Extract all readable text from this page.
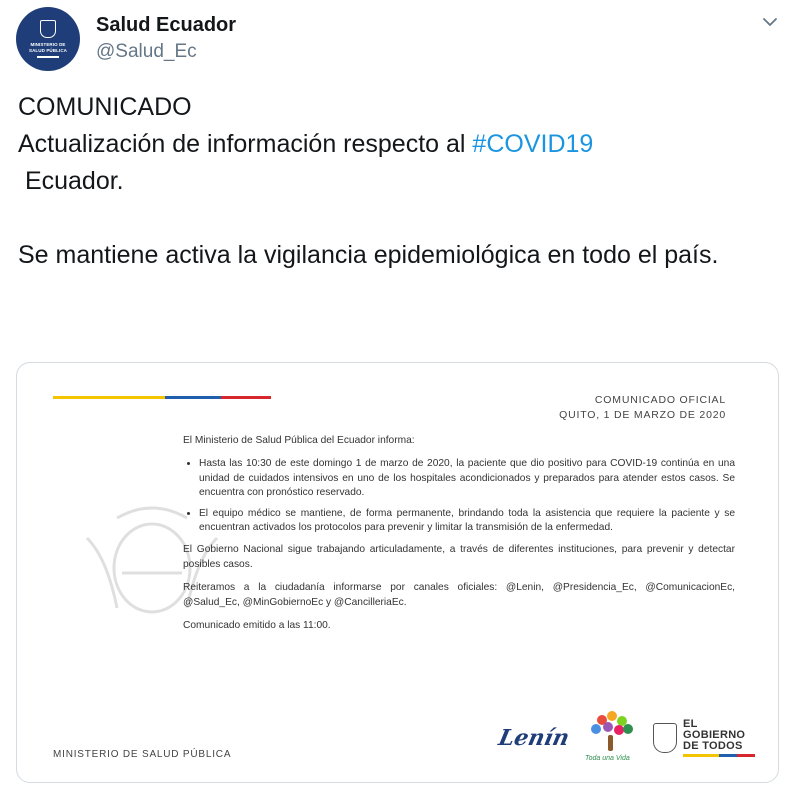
MINISTERIO DE
SALUD PÚBLICA
Salud Ecuador
@Salud_Ec

COMUNICADO

Actualización de información respecto al #COVID19

Ecuador.

Se mantiene activa la vigilancia epidemiológica en todo el país.

COMUNICADO OFICIAL
QUITO, 1 DE MARZO DE 2020

El Ministerio de Salud Pública del Ecuador informa:

• Hasta las 10:30 de este domingo 1 de marzo de 2020, la paciente que dio positivo para COVID-19 continúa en una unidad de cuidados intensivos en uno de los hospitales acondicionados y preparados para atender estos casos. Se encuentra con pronóstico reservado.
• El equipo médico se mantiene, de forma permanente, brindando toda la asistencia que requiere la paciente y se encuentran activados los protocolos para prevenir y limitar la transmisión de la enfermedad.

El Gobierno Nacional sigue trabajando articuladamente, a través de diferentes instituciones, para prevenir y detectar posibles casos.

Reiteramos a la ciudadanía informarse por canales oficiales: @Lenin, @Presidencia_Ec, @ComunicacionEc, @Salud_Ec, @MinGobiernoEc y @CancilleriaEc.

Comunicado emitido a las 11:00.

MINISTERIO DE SALUD PÚBLICA
Lenín
Toda una Vida
EL
GOBIERNO
DE TODOS
